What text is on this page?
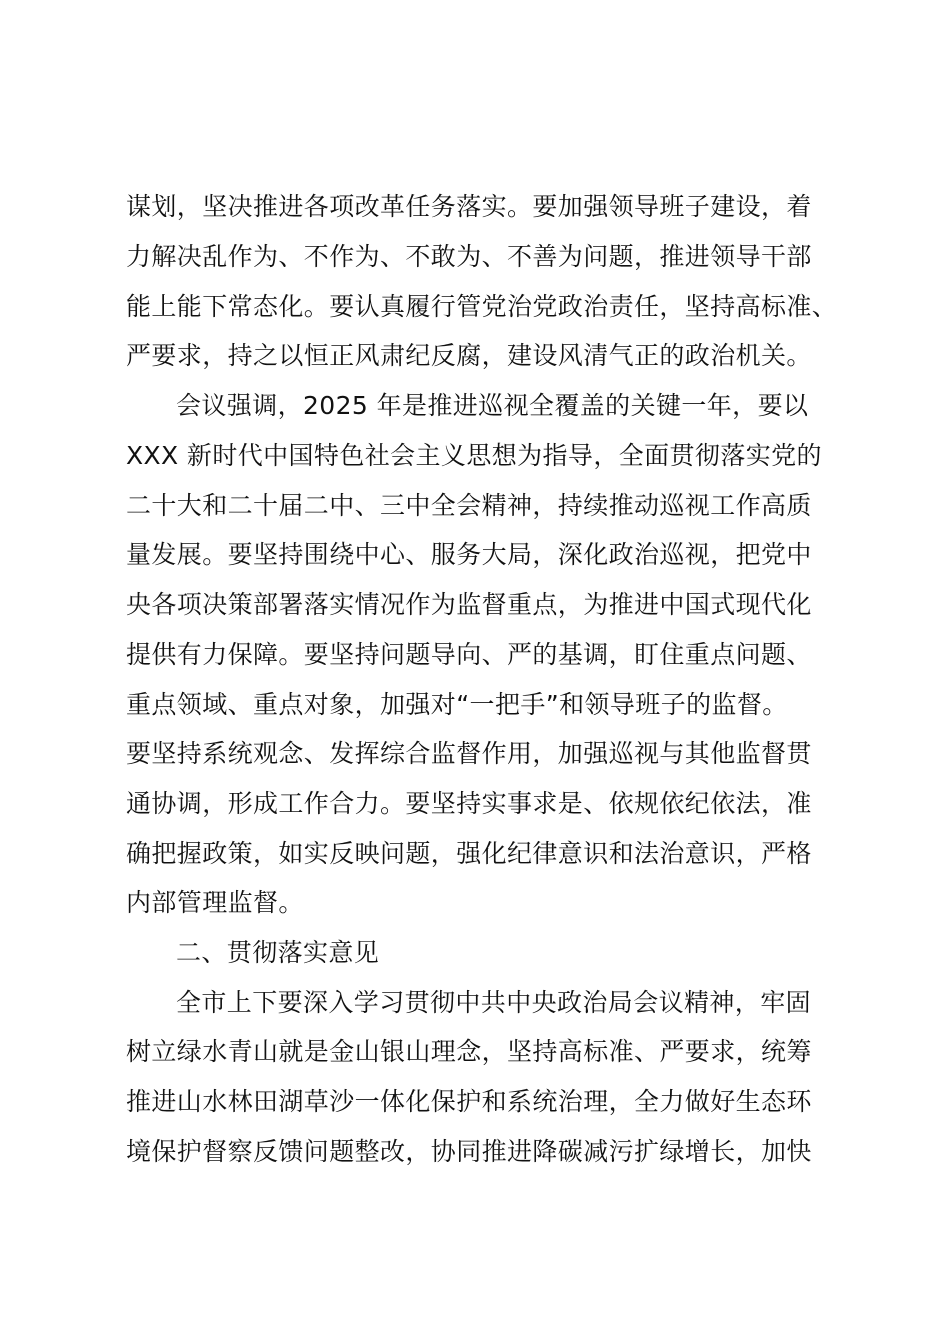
谋划，坚决推进各项改革任务落实。要加强领导班子建设，着
力解决乱作为、不作为、不敢为、不善为问题，推进领导干部
能上能下常态化。要认真履行管党治党政治责任，坚持高标准、
严要求，持之以恒正风肃纪反腐，建设风清气正的政治机关。
会议强调，2025 年是推进巡视全覆盖的关键一年，要以
XXX 新时代中国特色社会主义思想为指导，全面贯彻落实党的
二十大和二十届二中、三中全会精神，持续推动巡视工作高质
量发展。要坚持围绕中心、服务大局，深化政治巡视，把党中
央各项决策部署落实情况作为监督重点，为推进中国式现代化
提供有力保障。要坚持问题导向、严的基调，盯住重点问题、
重点领域、重点对象，加强对“一把手”和领导班子的监督。
要坚持系统观念、发挥综合监督作用，加强巡视与其他监督贯
通协调，形成工作合力。要坚持实事求是、依规依纪依法，准
确把握政策，如实反映问题，强化纪律意识和法治意识，严格
内部管理监督。
二、贯彻落实意见
全市上下要深入学习贯彻中共中央政治局会议精神，牢固
树立绿水青山就是金山银山理念，坚持高标准、严要求，统筹
推进山水林田湖草沙一体化保护和系统治理，全力做好生态环
境保护督察反馈问题整改，协同推进降碳减污扩绿增长，加快
